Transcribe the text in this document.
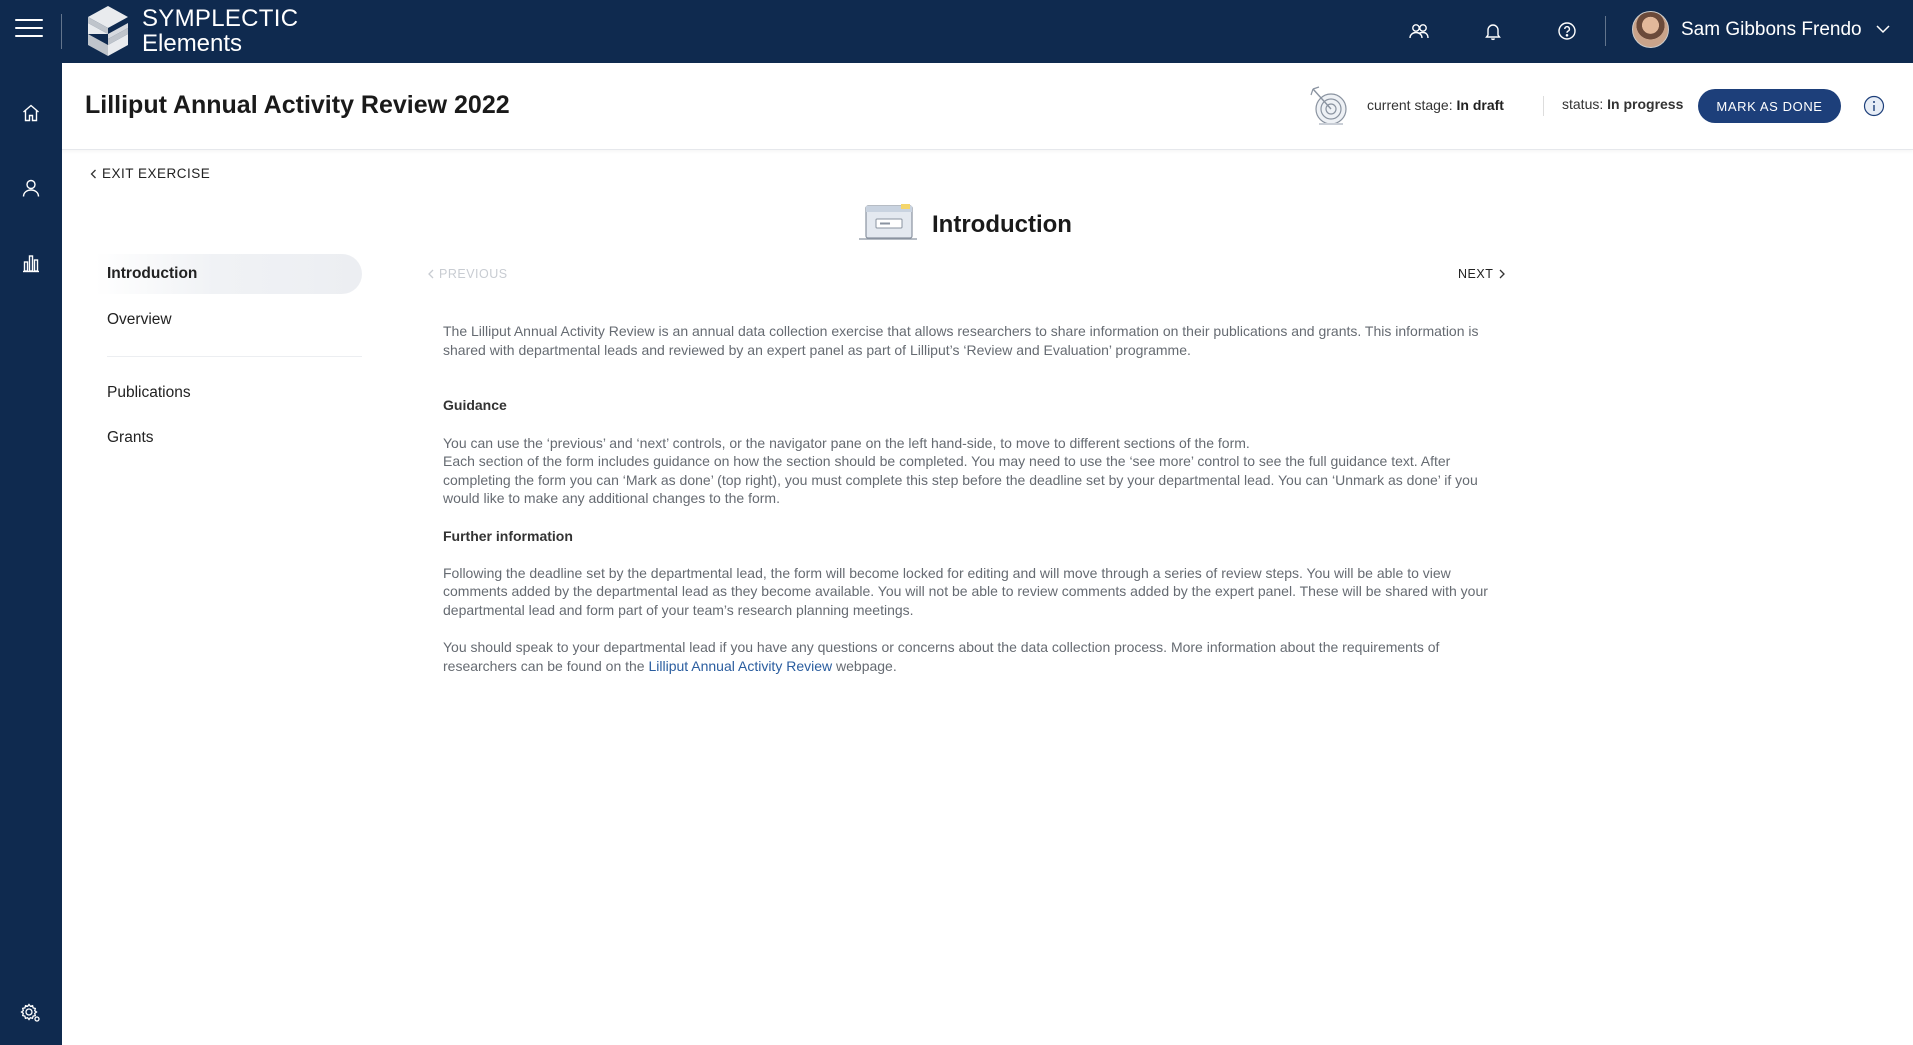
SYMPLECTIC
Elements
Sam Gibbons Frendo
Lilliput Annual Activity Review 2022	current stage: In draft	status: In progress	MARK AS DONE
EXIT EXERCISE
Introduction
Overview
Publications
Grants
Introduction
PREVIOUS	NEXT

The Lilliput Annual Activity Review is an annual data collection exercise that allows researchers to share information on their publications and grants. This information is shared with departmental leads and reviewed by an expert panel as part of Lilliput’s ‘Review and Evaluation’ programme.

Guidance

You can use the ‘previous’ and ‘next’ controls, or the navigator pane on the left hand-side, to move to different sections of the form.

Each section of the form includes guidance on how the section should be completed. You may need to use the ‘see more’ control to see the full guidance text. After completing the form you can ‘Mark as done’ (top right), you must complete this step before the deadline set by your departmental lead. You can ‘Unmark as done’ if you would like to make any additional changes to the form.

Further information

Following the deadline set by the departmental lead, the form will become locked for editing and will move through a series of review steps. You will be able to view comments added by the departmental lead as they become available. You will not be able to review comments added by the expert panel. These will be shared with your departmental lead and form part of your team’s research planning meetings.

You should speak to your departmental lead if you have any questions or concerns about the data collection process. More information about the requirements of researchers can be found on the Lilliput Annual Activity Review webpage.
